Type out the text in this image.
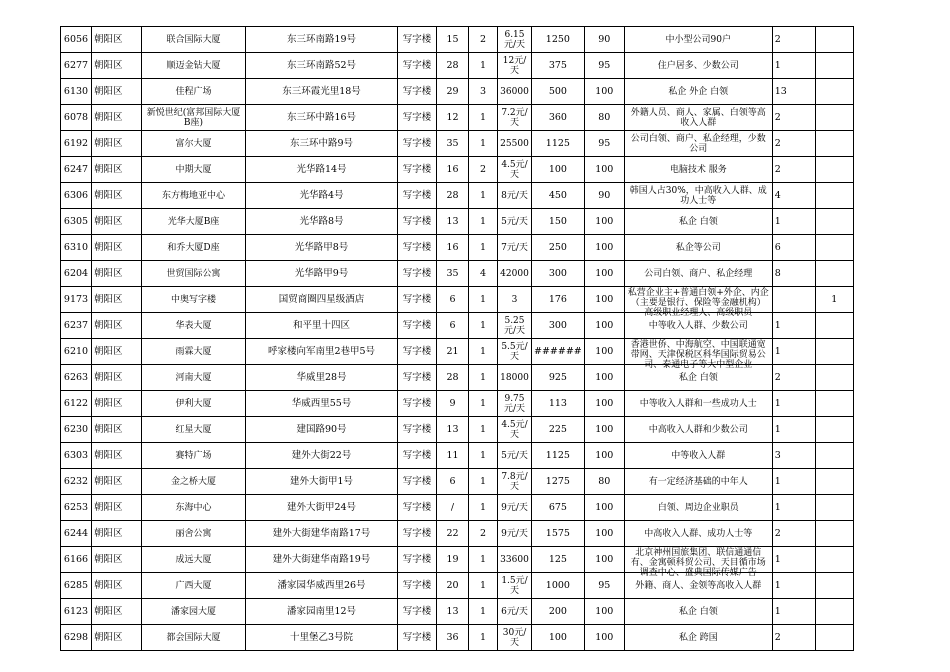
6056	朝阳区	联合国际大厦	东三环南路19号	写字楼	15	2	6.15元/天	1250	90	中小型公司90户	2	

6277	朝阳区	顺迈金钻大厦	东三环南路52号	写字楼	28	1	12元/天	375	95	住户居多、少数公司	1	

6130	朝阳区	佳程广场	东三环霞光里18号	写字楼	29	3	36000	500	100	私企 外企 白领	13	

6078	朝阳区	新悦世纪(富邦国际大厦B座)	东三环中路16号	写字楼	12	1	7.2元/天	360	80	外籍人员、商人、家属、白领等高收入人群	2	

6192	朝阳区	富尔大厦	东三环中路9号	写字楼	35	1	25500	1125	95	公司白领、商户、私企经理，少数公司	2	

6247	朝阳区	中期大厦	光华路14号	写字楼	16	2	4.5元/天	100	100	电脑技术 服务	2	

6306	朝阳区	东方梅地亚中心	光华路4号	写字楼	28	1	8元/天	450	90	韩国人占30%，中高收入人群、成功人士等	4	

6305	朝阳区	光华大厦B座	光华路8号	写字楼	13	1	5元/天	150	100	私企 白领	1	

6310	朝阳区	和乔大厦D座	光华路甲8号	写字楼	16	1	7元/天	250	100	私企等公司	6	

6204	朝阳区	世贸国际公寓	光华路甲9号	写字楼	35	4	42000	300	100	公司白领、商户、私企经理	8	

9173	朝阳区	中奥写字楼	国贸商圈四星级酒店	写字楼	6	1	3	176	100	私营企业主+普通白领+外企、内企（主要是银行、保险等金融机构）高级职业经理人、高级职员		1

6237	朝阳区	华表大厦	和平里十四区	写字楼	6	1	5.25元/天	300	100	中等收入人群、少数公司	1	

6210	朝阳区	雨霖大厦	呼家楼向军南里2巷甲5号	写字楼	21	1	5.5元/天	######	100	香港世侨、中海航空、中国联通宽带网、天津保税区科华国际贸易公司、泰通电子等大中型企业	1	

6263	朝阳区	河南大厦	华威里28号	写字楼	28	1	18000	925	100	私企 白领	2	

6122	朝阳区	伊利大厦	华威西里55号	写字楼	9	1	9.75元/天	113	100	中等收入人群和一些成功人士	1	

6230	朝阳区	红星大厦	建国路90号	写字楼	13	1	4.5元/天	225	100	中高收入人群和少数公司	1	

6303	朝阳区	赛特广场	建外大街22号	写字楼	11	1	5元/天	1125	100	中等收入人群	3	

6232	朝阳区	金之桥大厦	建外大街甲1号	写字楼	6	1	7.8元/天	1275	80	有一定经济基础的中年人	1	

6253	朝阳区	东海中心	建外大街甲24号	写字楼	/	1	9元/天	675	100	白领、周边企业职员	1	

6244	朝阳区	丽舍公寓	建外大街建华南路17号	写字楼	22	2	9元/天	1575	100	中高收入人群、成功人士等	2	

6166	朝阳区	成远大厦	建外大街建华南路19号	写字楼	19	1	33600	125	100	北京神州国旅集团、联信通通信有、金寓顿科贸公司、天目循市场调查中心、盛典国际传媒广告	1	

6285	朝阳区	广西大厦	潘家园华威西里26号	写字楼	20	1	1.5元/天	1000	95	外籍、商人、金领等高收入人群	1	

6123	朝阳区	潘家园大厦	潘家园南里12号	写字楼	13	1	6元/天	200	100	私企 白领	1	

6298	朝阳区	都会国际大厦	十里堡乙3号院	写字楼	36	1	30元/天	100	100	私企 跨国	2	
